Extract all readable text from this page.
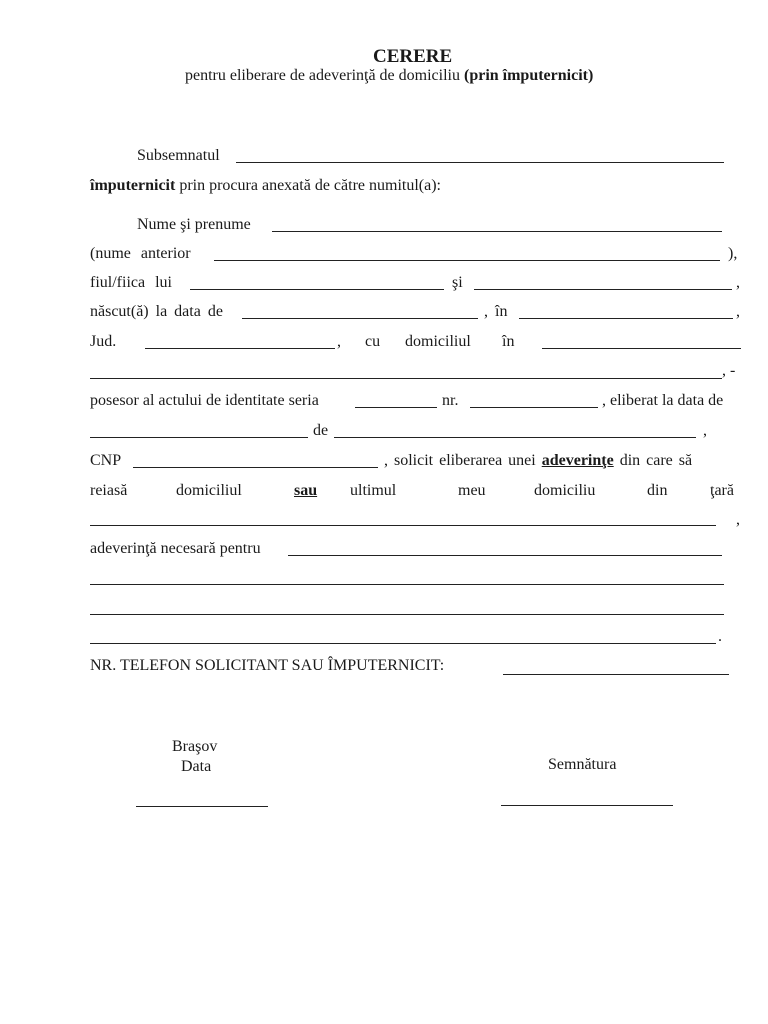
CERERE
pentru eliberare de adeverinţă de domiciliu (prin împuternicit)
Subsemnatul
împuternicit prin procura anexată de către numitul(a):
Nume şi prenume
(nume anterior	),
fiul/fiica lui	şi	,
născut(ă) la data de	, în	,
Jud.	, cu domiciliul în
, -
posesor al actului de identitate seria	nr.	, eliberat la data de
de	,
CNP	, solicit eliberarea unei adeverinţe din care să
reiasă	domiciliul	sau ultimul	meu	domiciliu	din	ţară
,
adeverinţă necesară pentru
.
NR. TELEFON SOLICITANT SAU ÎMPUTERNICIT:
Braşov
Data	Semnătura
